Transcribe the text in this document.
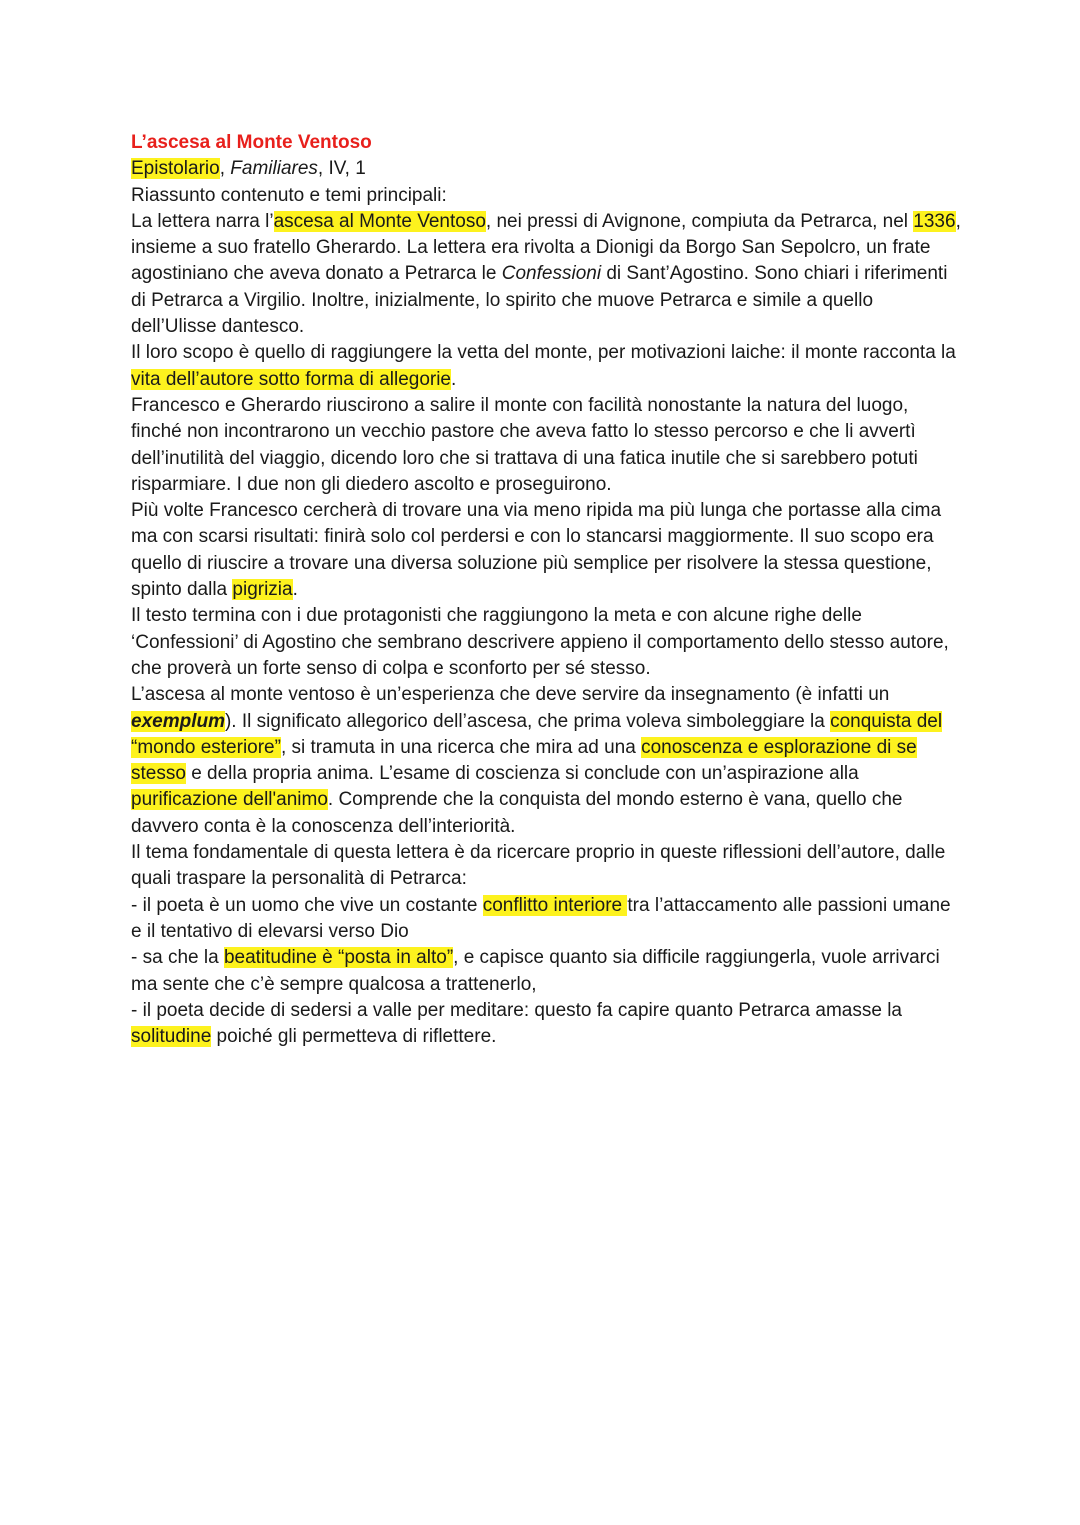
L’ascesa al Monte Ventoso

Epistolario, Familiares, IV, 1

Riassunto contenuto e temi principali:

La lettera narra l’ascesa al Monte Ventoso, nei pressi di Avignone, compiuta da Petrarca, nel 1336, insieme a suo fratello Gherardo. La lettera era rivolta a Dionigi da Borgo San Sepolcro, un frate agostiniano che aveva donato a Petrarca le Confessioni di Sant’Agostino. Sono chiari i riferimenti di Petrarca a Virgilio. Inoltre, inizialmente, lo spirito che muove Petrarca e simile a quello dell’Ulisse dantesco.

Il loro scopo è quello di raggiungere la vetta del monte, per motivazioni laiche: il monte racconta la vita dell’autore sotto forma di allegorie.

Francesco e Gherardo riuscirono a salire il monte con facilità nonostante la natura del luogo, finché non incontrarono un vecchio pastore che aveva fatto lo stesso percorso e che li avvertì dell’inutilità del viaggio, dicendo loro che si trattava di una fatica inutile che si sarebbero potuti risparmiare. I due non gli diedero ascolto e proseguirono.

Più volte Francesco cercherà di trovare una via meno ripida ma più lunga che portasse alla cima ma con scarsi risultati: finirà solo col perdersi e con lo stancarsi maggiormente. Il suo scopo era quello di riuscire a trovare una diversa soluzione più semplice per risolvere la stessa questione, spinto dalla pigrizia.

Il testo termina con i due protagonisti che raggiungono la meta e con alcune righe delle ‘Confessioni’ di Agostino che sembrano descrivere appieno il comportamento dello stesso autore, che proverà un forte senso di colpa e sconforto per sé stesso.

L’ascesa al monte ventoso è un’esperienza che deve servire da insegnamento (è infatti un exemplum). Il significato allegorico dell’ascesa, che prima voleva simboleggiare la conquista del “mondo esteriore”, si tramuta in una ricerca che mira ad una conoscenza e esplorazione di se stesso e della propria anima. L’esame di coscienza si conclude con un’aspirazione alla purificazione dell'animo. Comprende che la conquista del mondo esterno è vana, quello che davvero conta è la conoscenza dell’interiorità.

Il tema fondamentale di questa lettera è da ricercare proprio in queste riflessioni dell’autore, dalle quali traspare la personalità di Petrarca:

- il poeta è un uomo che vive un costante conflitto interiore tra l’attaccamento alle passioni umane e il tentativo di elevarsi verso Dio

- sa che la beatitudine è “posta in alto”, e capisce quanto sia difficile raggiungerla, vuole arrivarci ma sente che c’è sempre qualcosa a trattenerlo,

- il poeta decide di sedersi a valle per meditare: questo fa capire quanto Petrarca amasse la solitudine poiché gli permetteva di riflettere.
